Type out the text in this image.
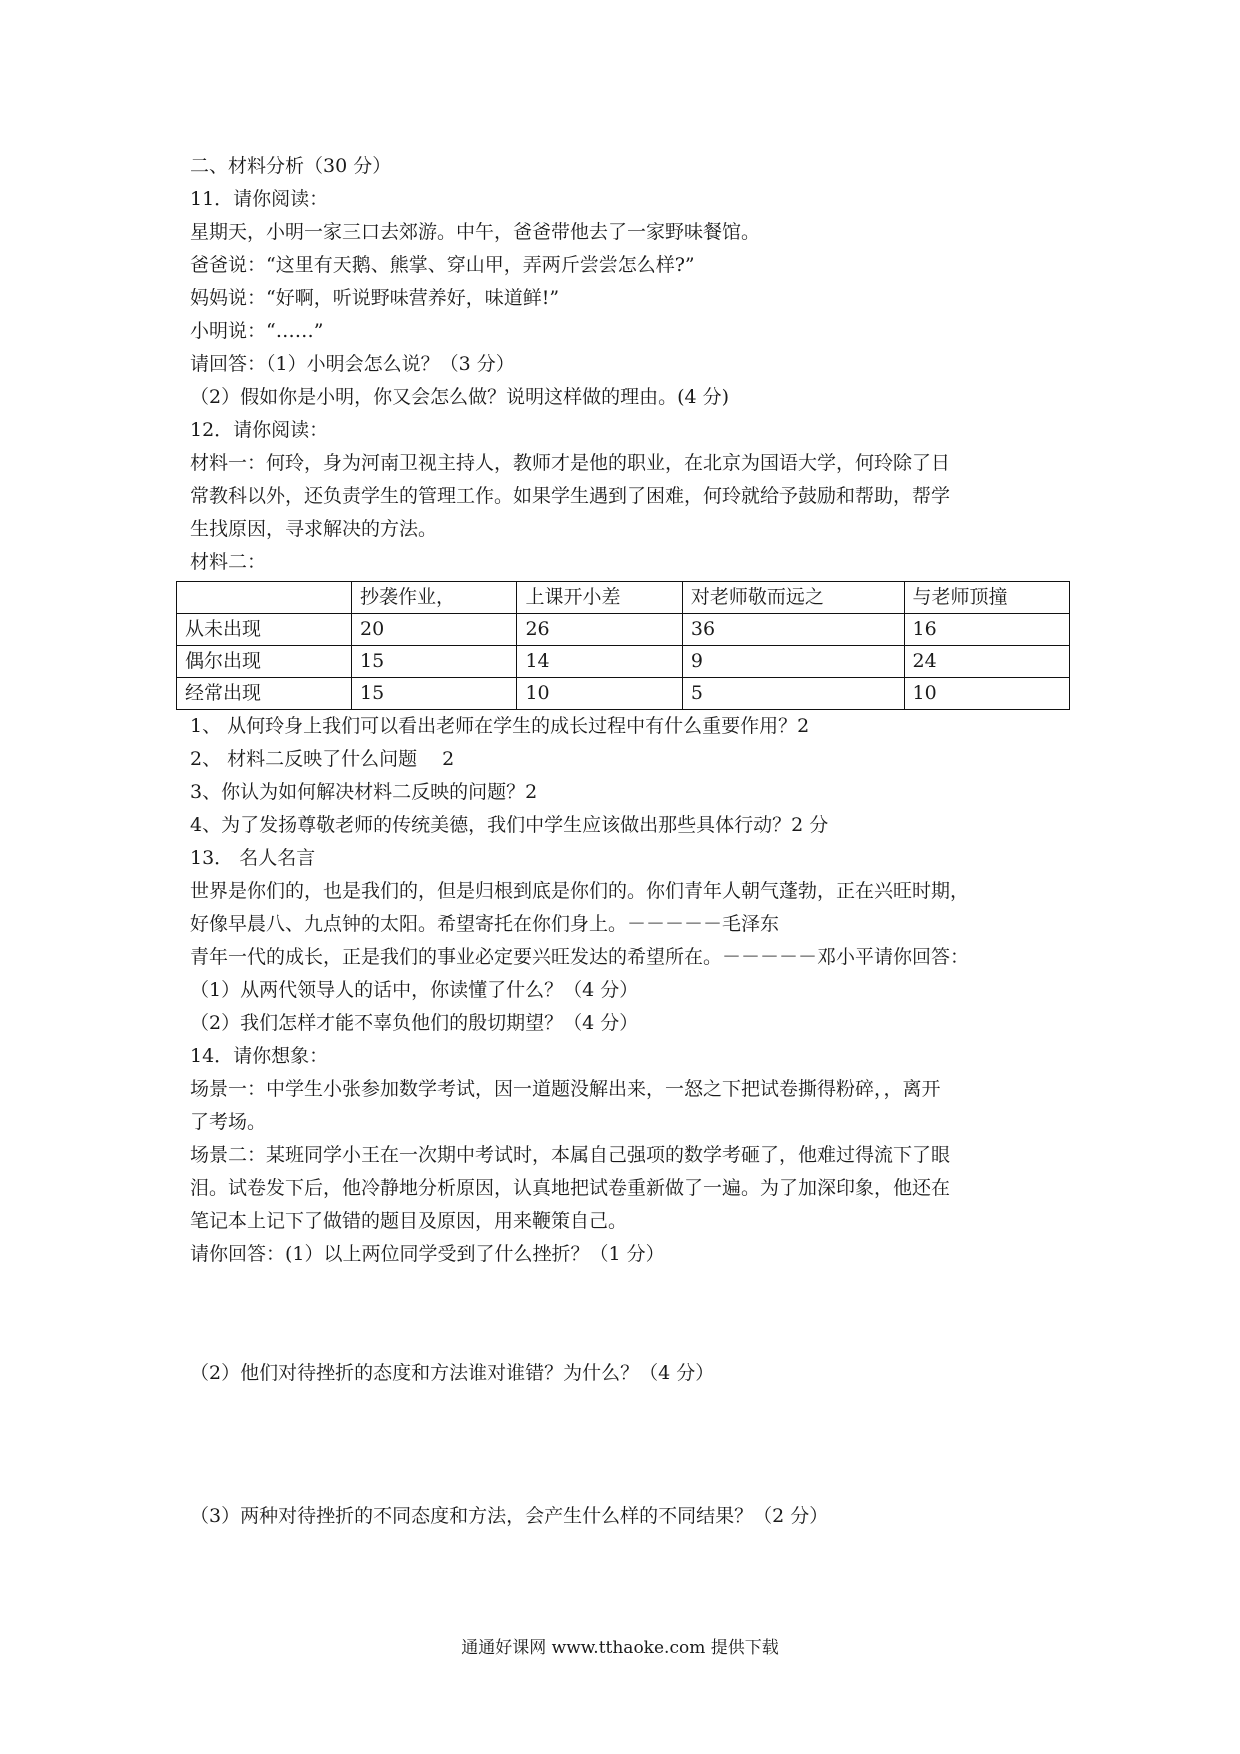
二、材料分析（30 分）
11．请你阅读：
星期天，小明一家三口去郊游。中午，爸爸带他去了一家野味餐馆。
爸爸说：“这里有天鹅、熊掌、穿山甲，弄两斤尝尝怎么样?”
妈妈说：“好啊，听说野味营养好，味道鲜!”
小明说：“……”
请回答：（1）小明会怎么说？（3 分）
（2）假如你是小明，你又会怎么做？说明这样做的理由。(4 分)
12．请你阅读：
材料一：何玲，身为河南卫视主持人，教师才是他的职业，在北京为国语大学，何玲除了日
常教科以外，还负责学生的管理工作。如果学生遇到了困难，何玲就给予鼓励和帮助，帮学
生找原因，寻求解决的方法。
材料二：
	抄袭作业，	上课开小差	对老师敬而远之	与老师顶撞
从未出现	20	26	36	16
偶尔出现	15	14	9	24
经常出现	15	10	5	10
1、 从何玲身上我们可以看出老师在学生的成长过程中有什么重要作用？2
2、 材料二反映了什么问题　 2
3、你认为如何解决材料二反映的问题？2
4、为了发扬尊敬老师的传统美德，我们中学生应该做出那些具体行动？2 分
13． 名人名言
世界是你们的，也是我们的，但是归根到底是你们的。你们青年人朝气蓬勃，正在兴旺时期，
好像早晨八、九点钟的太阳。希望寄托在你们身上。－－－－－毛泽东
青年一代的成长，正是我们的事业必定要兴旺发达的希望所在。－－－－－邓小平请你回答：
（1）从两代领导人的话中，你读懂了什么？（4 分）
（2）我们怎样才能不辜负他们的殷切期望？（4 分）
14．请你想象：
场景一：中学生小张参加数学考试，因一道题没解出来，一怒之下把试卷撕得粉碎，，离开
了考场。
场景二：某班同学小王在一次期中考试时，本属自己强项的数学考砸了，他难过得流下了眼
泪。试卷发下后，他冷静地分析原因，认真地把试卷重新做了一遍。为了加深印象，他还在
笔记本上记下了做错的题目及原因，用来鞭策自己。
请你回答：(1）以上两位同学受到了什么挫折？（1 分）
（2）他们对待挫折的态度和方法谁对谁错？为什么？（4 分）
（3）两种对待挫折的不同态度和方法，会产生什么样的不同结果？（2 分）
通通好课网 www.tthaoke.com 提供下载
